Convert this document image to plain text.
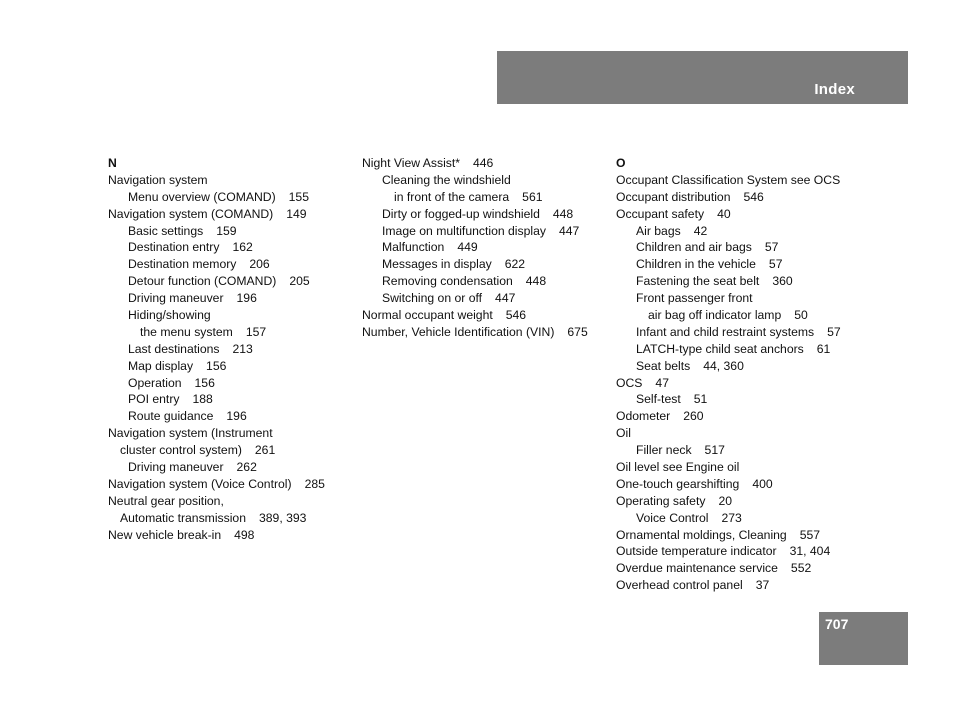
Index
N
Navigation system
Menu overview (COMAND) 155
Navigation system (COMAND) 149
Basic settings 159
Destination entry 162
Destination memory 206
Detour function (COMAND) 205
Driving maneuver 196
Hiding/showing
the menu system 157
Last destinations 213
Map display 156
Operation 156
POI entry 188
Route guidance 196
Navigation system (Instrument
cluster control system) 261
Driving maneuver 262
Navigation system (Voice Control) 285
Neutral gear position,
Automatic transmission 389, 393
New vehicle break-in 498
Night View Assist* 446
Cleaning the windshield
in front of the camera 561
Dirty or fogged-up windshield 448
Image on multifunction display 447
Malfunction 449
Messages in display 622
Removing condensation 448
Switching on or off 447
Normal occupant weight 546
Number, Vehicle Identification (VIN) 675
O
Occupant Classification System see OCS
Occupant distribution 546
Occupant safety 40
Air bags 42
Children and air bags 57
Children in the vehicle 57
Fastening the seat belt 360
Front passenger front
air bag off indicator lamp 50
Infant and child restraint systems 57
LATCH-type child seat anchors 61
Seat belts 44, 360
OCS 47
Self-test 51
Odometer 260
Oil
Filler neck 517
Oil level see Engine oil
One-touch gearshifting 400
Operating safety 20
Voice Control 273
Ornamental moldings, Cleaning 557
Outside temperature indicator 31, 404
Overdue maintenance service 552
Overhead control panel 37
707
